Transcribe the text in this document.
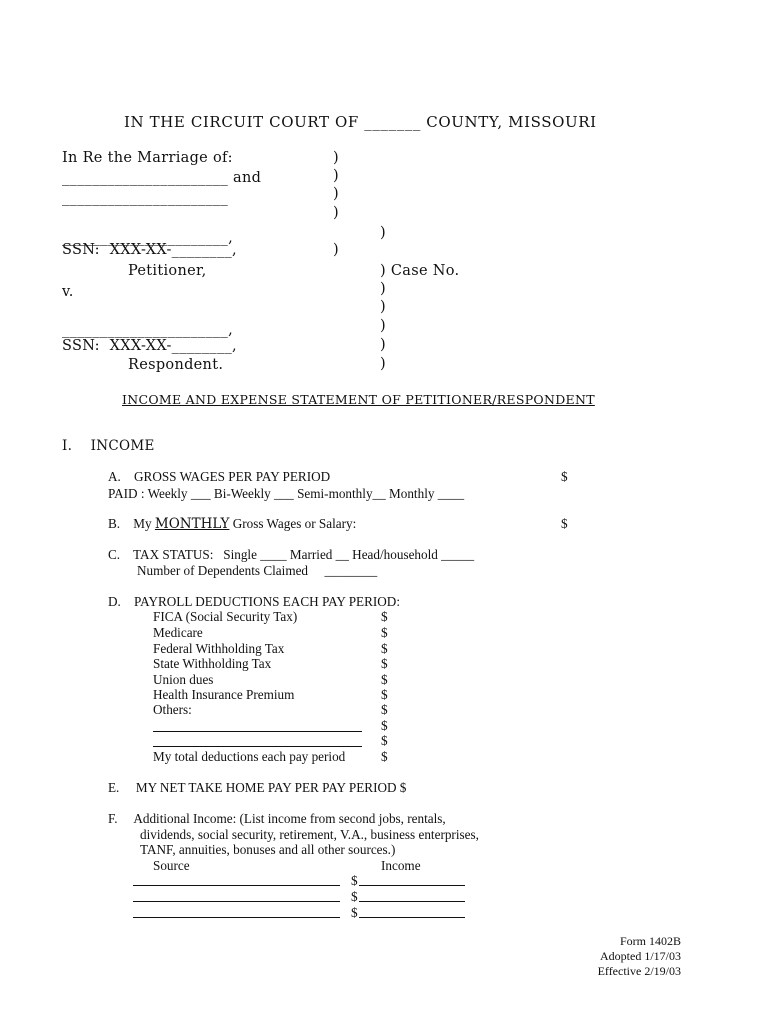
IN THE CIRCUIT COURT OF _______ COUNTY, MISSOURI
In Re the Marriage of:
______________________ and
______________________
______________________,
SSN:  XXX-XX-________,
Petitioner,
v.
______________________,
SSN:  XXX-XX-________,
Respondent.
)
)
)
)
)
)
) Case No.
)
)
)
)
)
INCOME AND EXPENSE STATEMENT OF PETITIONER/RESPONDENT
I.    INCOME
A.    GROSS WAGES PER PAY PERIOD
PAID : Weekly ___ Bi-Weekly ___ Semi-monthly__ Monthly ____
$
B.    My MONTHLY Gross Wages or Salary:	$
C.    TAX STATUS:   Single ____ Married __ Head/household _____
Number of Dependents Claimed     ________
D.    PAYROLL DEDUCTIONS EACH PAY PERIOD:
FICA (Social Security Tax)
Medicare
Federal Withholding Tax
State Withholding Tax
Union dues
Health Insurance Premium
Others:
My total deductions each pay period
$
$
$
$
$
$
$
$
$
$
E.     MY NET TAKE HOME PAY PER PAY PERIOD $
F.     Additional Income: (List income from second jobs, rentals,
dividends, social security, retirement, V.A., business enterprises,
TANF, annuities, bonuses and all other sources.)
Source	Income
$
$
$
Form 1402B
Adopted 1/17/03
Effective 2/19/03
